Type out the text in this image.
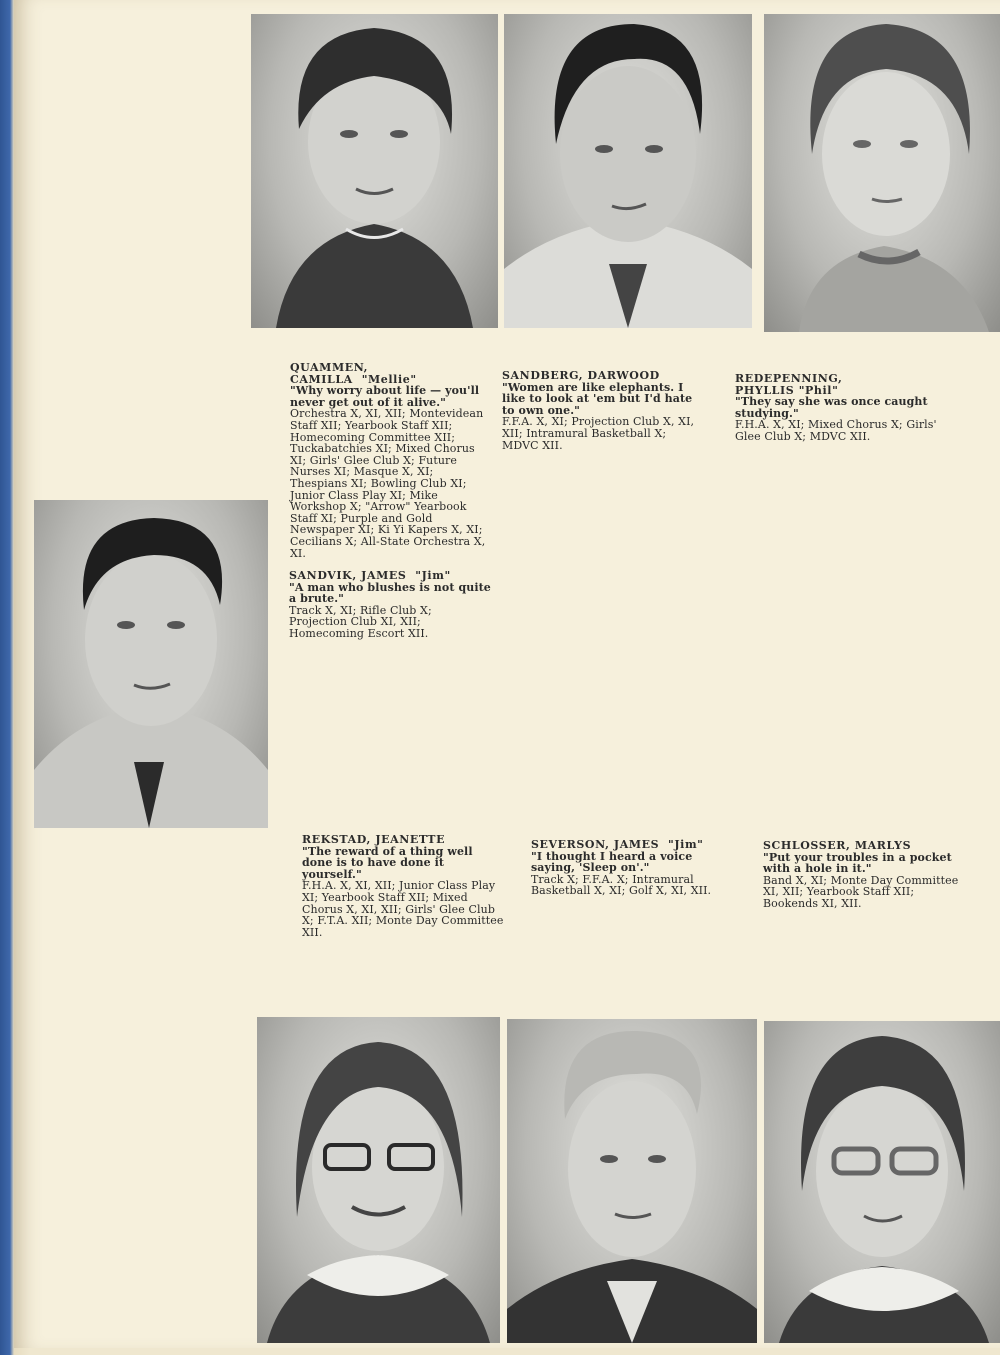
QUAMMEN, CAMILLA "Mellie"
"Why worry about life — you'll never get out of it alive."
Orchestra X, XI, XII; Montevidean Staff XII; Yearbook Staff XII; Homecoming Committee XII; Tuckabatchies XI; Mixed Chorus XI; Girls' Glee Club X; Future Nurses XI; Masque X, XI; Thespians XI; Bowling Club XI; Junior Class Play XI; Mike Workshop X; "Arrow" Yearbook Staff XI; Purple and Gold Newspaper XI; Ki Yi Kapers X, XI; Cecilians X; All-State Orchestra X, XI.
SANDBERG, DARWOOD
"Women are like elephants. I like to look at 'em but I'd hate to own one."
F.F.A. X, XI; Projection Club X, XI, XII; Intramural Basketball X; MDVC XII.
REDEPENNING, PHYLLIS "Phil"
"They say she was once caught studying."
F.H.A. X, XI; Mixed Chorus X; Girls' Glee Club X; MDVC XII.
SANDVIK, JAMES "Jim"
"A man who blushes is not quite a brute."
Track X, XI; Rifle Club X; Projection Club XI, XII; Homecoming Escort XII.
REKSTAD, JEANETTE
"The reward of a thing well done is to have done it yourself."
F.H.A. X, XI, XII; Junior Class Play XI; Yearbook Staff XII; Mixed Chorus X, XI, XII; Girls' Glee Club X; F.T.A. XII; Monte Day Committee XII.
SEVERSON, JAMES "Jim"
"I thought I heard a voice saying, 'Sleep on'."
Track X; F.F.A. X; Intramural Basketball X, XI; Golf X, XI, XII.
SCHLOSSER, MARLYS
"Put your troubles in a pocket with a hole in it."
Band X, XI; Monte Day Committee XI, XII; Yearbook Staff XII; Bookends XI, XII.
